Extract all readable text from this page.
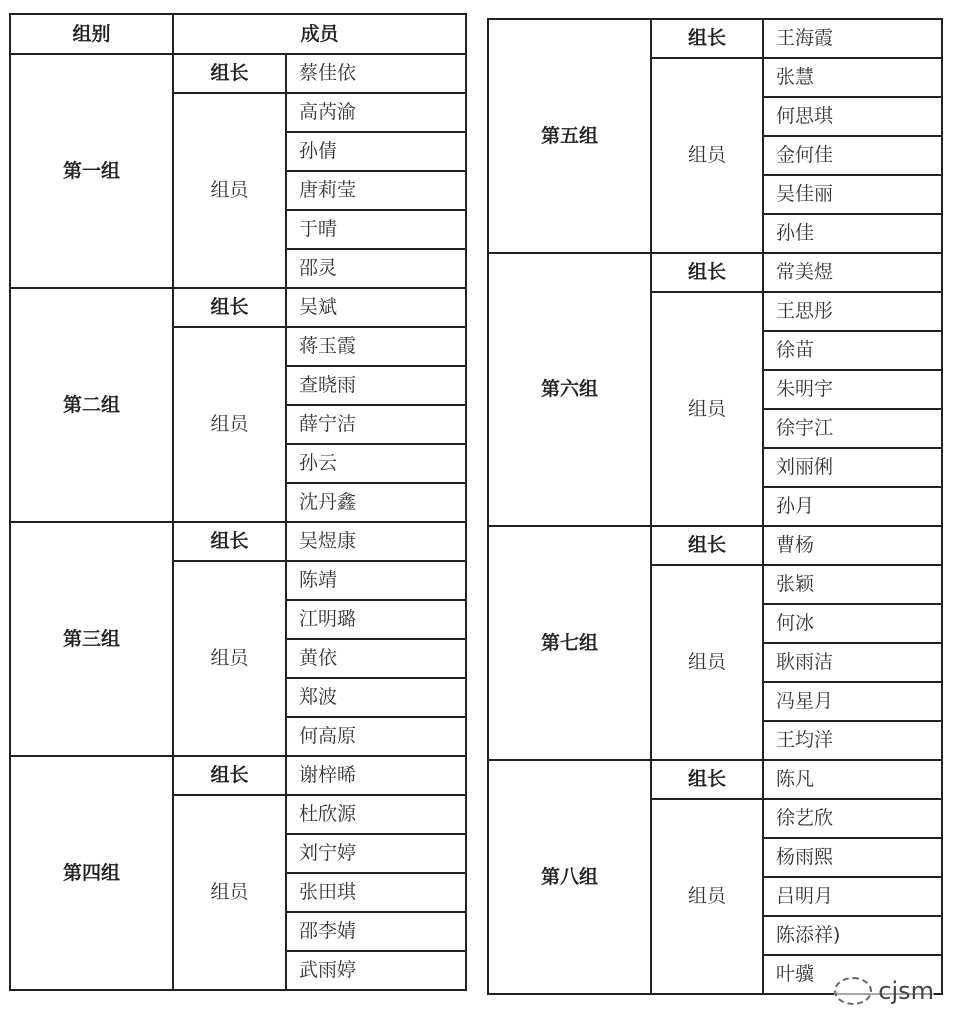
组别	成员	
第一组	组长	蔡佳依
	组员	高芮渝
		孙倩
		唐莉莹
		于晴
		邵灵
第二组	组长	吴斌
	组员	蒋玉霞
		查晓雨
		薛宁洁
		孙云
		沈丹鑫
第三组	组长	吴煜康
	组员	陈靖
		江明璐
		黄依
		郑波
		何高原
第四组	组长	谢梓晞
	组员	杜欣源
		刘宁婷
		张田琪
		邵李婧
		武雨婷
第五组	组长	王海霞
	组员	张慧
		何思琪
		金何佳
		吴佳丽
		孙佳
第六组	组长	常美煜
	组员	王思彤
		徐苗
		朱明宇
		徐宇江
		刘丽俐
		孙月
第七组	组长	曹杨
	组员	张颖
		何冰
		耿雨洁
		冯星月
		王均洋
第八组	组长	陈凡
	组员	徐艺欣
		杨雨熙
		吕明月
		陈添祥)
		叶骥
cjsm
